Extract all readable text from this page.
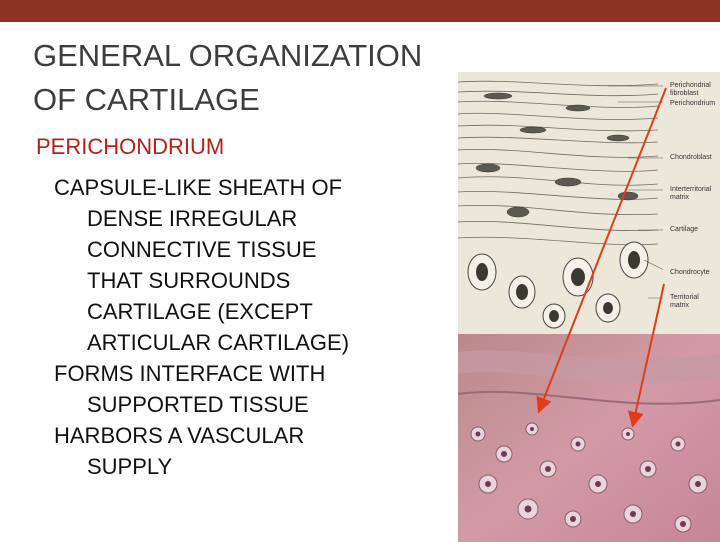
GENERAL ORGANIZATION
OF CARTILAGE
PERICHONDRIUM
CAPSULE-LIKE SHEATH OF
DENSE IRREGULAR
CONNECTIVE TISSUE
THAT SURROUNDS
CARTILAGE (EXCEPT
ARTICULAR CARTILAGE)
FORMS INTERFACE WITH
SUPPORTED TISSUE
HARBORS A VASCULAR
SUPPLY
Perichondrial
fibroblast
Perichondrium
Chondroblast
Interterritorial
matrix
Cartilage
Chondrocyte
Territorial
matrix
